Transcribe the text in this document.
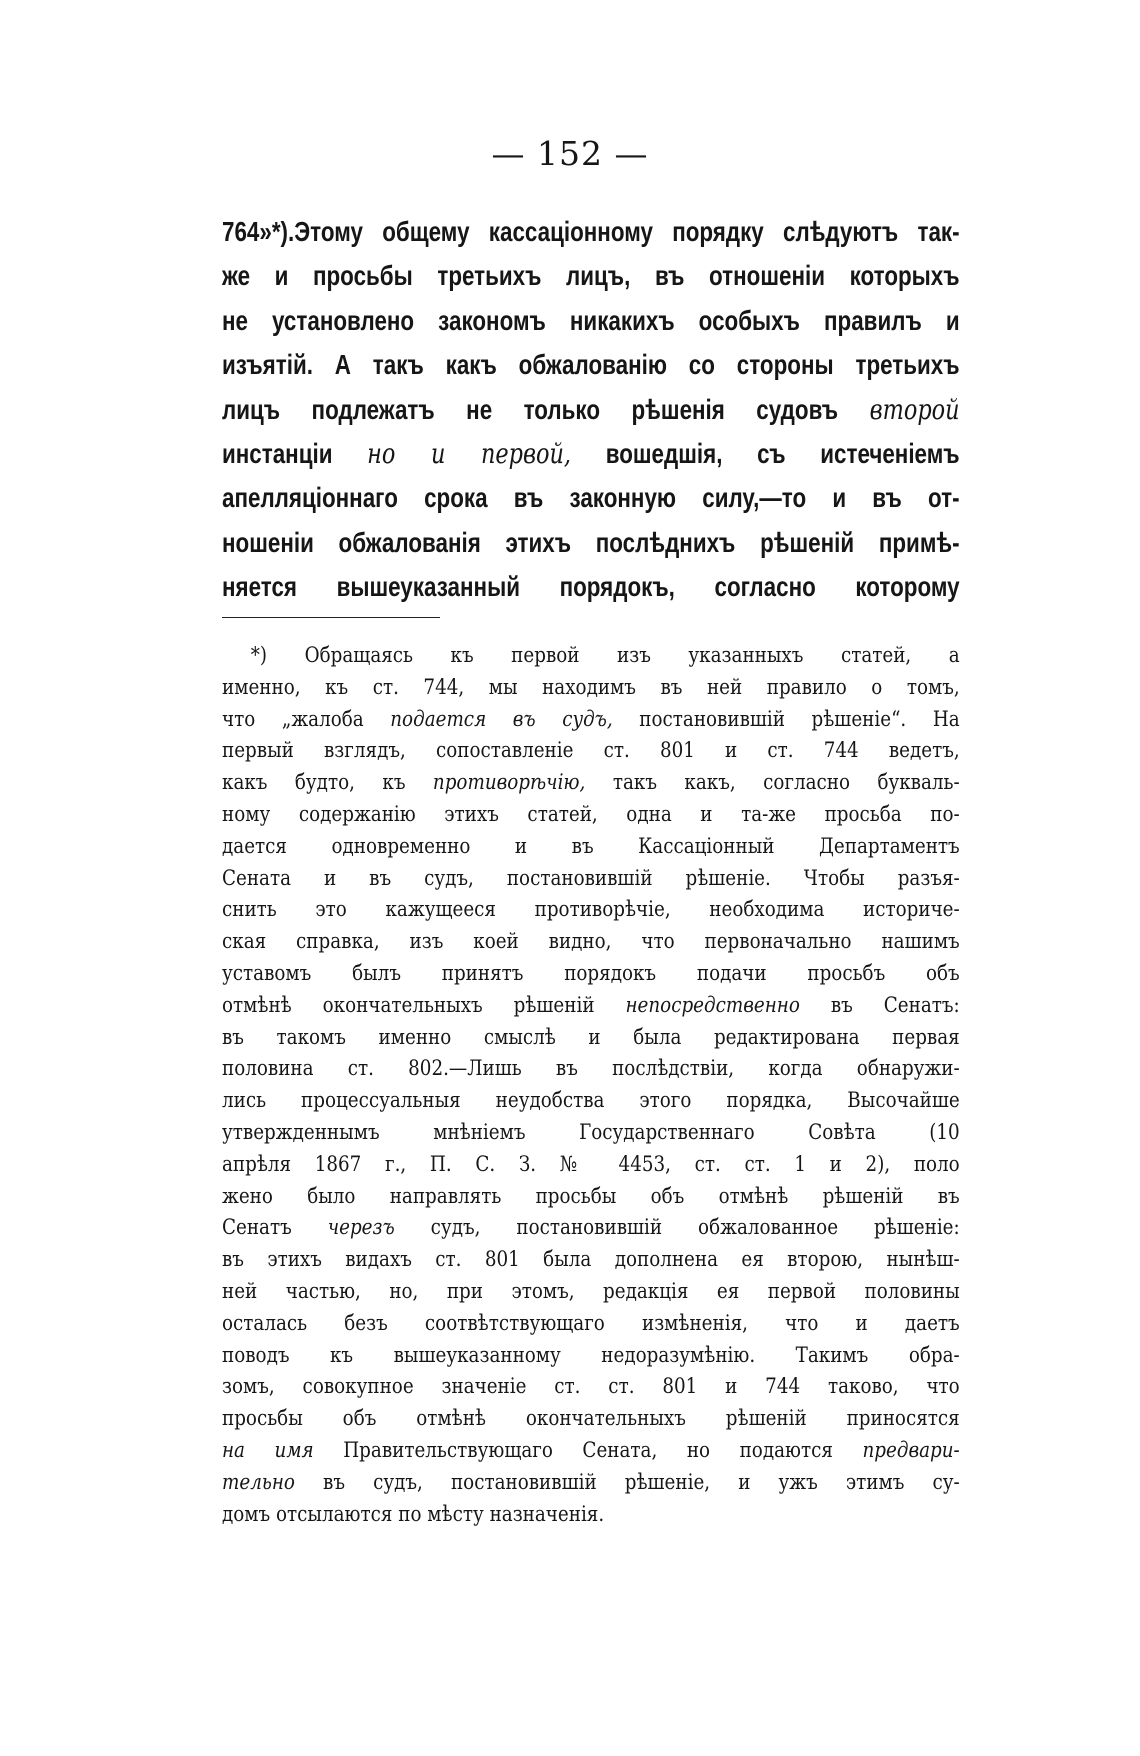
— 152 —
764»*).Этому общему кассаціонному порядку слѣдуютъ так-
же и просьбы третьихъ лицъ, въ отношеніи которыхъ
не установлено закономъ никакихъ особыхъ правилъ и
изъятій. А такъ какъ обжалованію со стороны третьихъ
лицъ подлежатъ не только рѣшенія судовъ второй
инстанціи но и первой, вошедшія, съ истеченіемъ
апелляціоннаго срока въ законную силу,—то и въ от-
ношеніи обжалованія этихъ послѣднихъ рѣшеній примѣ-
няется вышеуказанный порядокъ, согласно которому
*) Обращаясь къ первой изъ указанныхъ статей, а
именно, къ ст. 744, мы находимъ въ ней правило о томъ,
что „жалоба подается въ судъ, постановившій рѣшеніе“. На
первый взглядъ, сопоставленіе ст. 801 и ст. 744 ведетъ,
какъ будто, къ противорѣчію, такъ какъ, согласно букваль-
ному содержанію этихъ статей, одна и та-же просьба по-
дается одновременно и въ Кассаціонный Департаментъ
Сената и въ судъ, постановившій рѣшеніе. Чтобы разъя-
снить это кажущееся противорѣчіе, необходима историче-
ская справка, изъ коей видно, что первоначально нашимъ
уставомъ былъ принятъ порядокъ подачи просьбъ объ
отмѣнѣ окончательныхъ рѣшеній непосредственно въ Сенатъ:
въ такомъ именно смыслѣ и была редактирована первая
половина ст. 802.—Лишь въ послѣдствіи, когда обнаружи-
лись процессуальныя неудобства этого порядка, Высочайше
утвержденнымъ мнѣніемъ Государственнаго Совѣта (10
апрѣля 1867 г., П. С. З. № 4453, ст. ст. 1 и 2), поло
жено было направлять просьбы объ отмѣнѣ рѣшеній въ
Сенатъ черезъ судъ, постановившій обжалованное рѣшеніе:
въ этихъ видахъ ст. 801 была дополнена ея второю, нынѣш-
ней частью, но, при этомъ, редакція ея первой половины
осталась безъ соотвѣтствующаго измѣненія, что и даетъ
поводъ къ вышеуказанному недоразумѣнію. Такимъ обра-
зомъ, совокупное значеніе ст. ст. 801 и 744 таково, что
просьбы объ отмѣнѣ окончательныхъ рѣшеній приносятся
на имя Правительствующаго Сената, но подаются предвари-
тельно въ судъ, постановившій рѣшеніе, и ужъ этимъ су-
домъ отсылаются по мѣсту назначенія.
